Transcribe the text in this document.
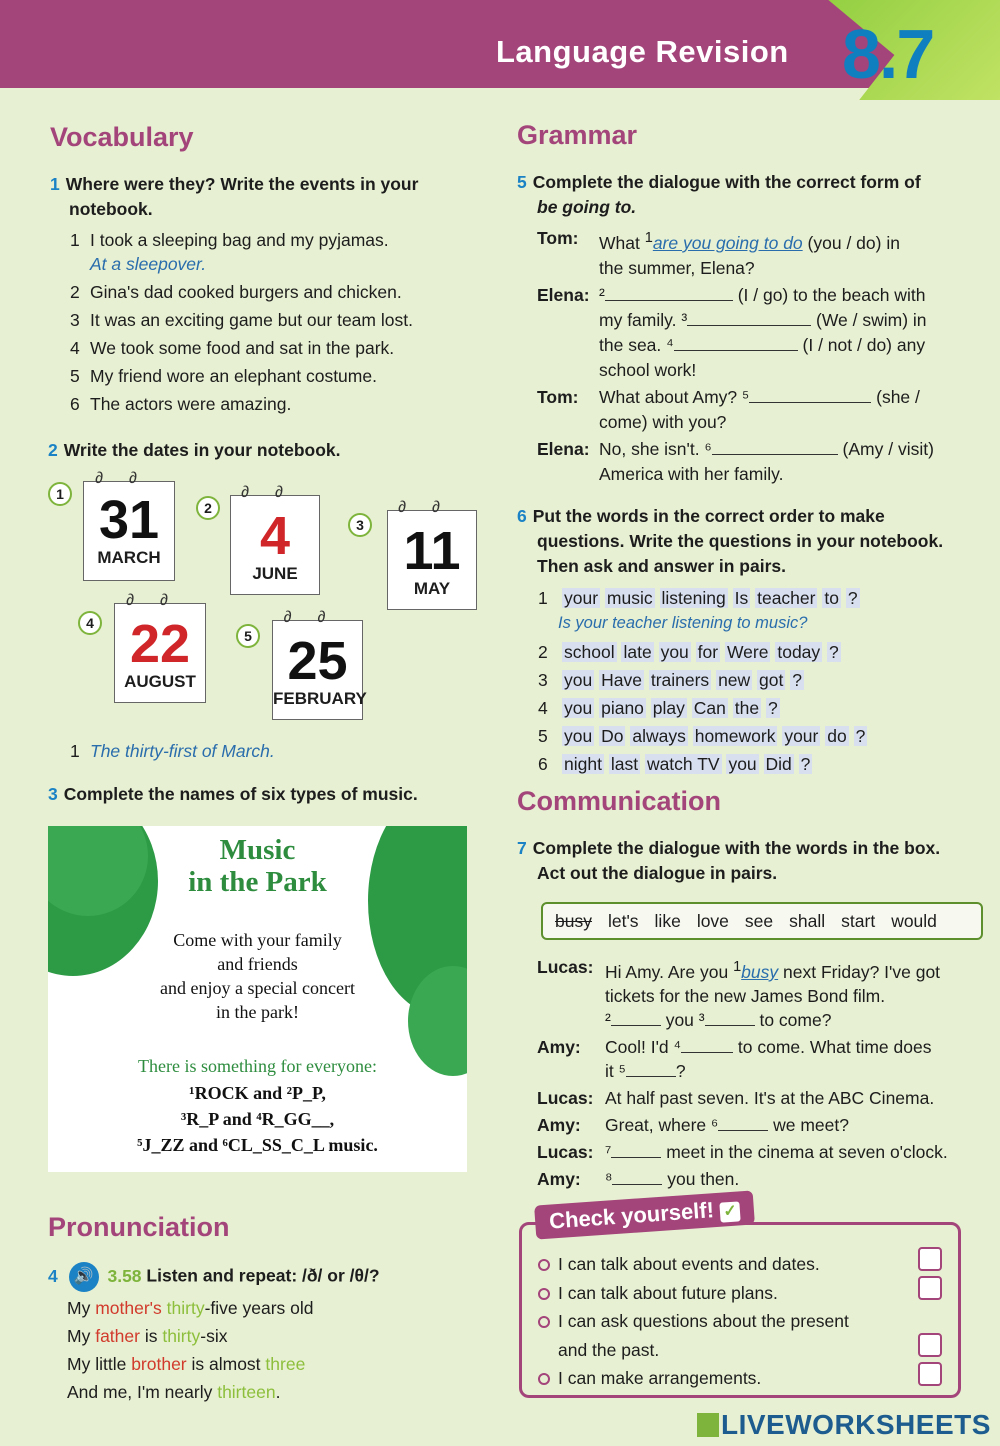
Language Revision 8.7
Vocabulary
1 Where were they? Write the events in your
notebook.
1 I took a sleeping bag and my pyjamas.
At a sleepover.
2 Gina's dad cooked burgers and chicken.
3 It was an exciting game but our team lost.
4 We took some food and sat in the park.
5 My friend wore an elephant costume.
6 The actors were amazing.
2 Write the dates in your notebook.
1
∂∂
31
MARCH
2
∂∂
4
JUNE
3
∂∂
11
MAY
4
∂∂
22
AUGUST
5
∂∂
25
FEBRUARY
1 The thirty-first of March.
3 Complete the names of six types of music.
Music
in the Park
Come with your family
and friends
and enjoy a special concert
in the park!
There is something for everyone:
¹ROCK and ²P_P,
³R_P and ⁴R_GG__,
⁵J_ZZ and ⁶CL_SS_C_L music.
Pronunciation
4 🔊 3.58 Listen and repeat: /ð/ or /θ/?
My mother's thirty-five years old
My father is thirty-six
My little brother is almost three
And me, I'm nearly thirteen.
Grammar
5 Complete the dialogue with the correct form of
be going to.
Tom: What $^1$are you going to do (you / do) in
the summer, Elena?
Elena: ²	(I / go) to the beach with
my family. ³	(We / swim) in
the sea. ⁴	(I / not / do) any
school work!
Tom: What about Amy? ⁵	(she /
come) with you?
Elena: No, she isn't. ⁶	(Amy / visit)
America with her family.
6 Put the words in the correct order to make
questions. Write the questions in your notebook.
Then ask and answer in pairs.
1 your music listening Is teacher to ?
Is your teacher listening to music?
2 school late you for Were today ?
3 you Have trainers new got ?
4 you piano play Can the ?
5 you Do always homework your do ?
6 night last watch TV you Did ?
Communication
7 Complete the dialogue with the words in the box.
Act out the dialogue in pairs.
busy let's like love see shall start would
Lucas: Hi Amy. Are you $^1$busy next Friday? I've got
tickets for the new James Bond film.
²	you ³	to come?
Amy: Cool! I'd ⁴	to come. What time does
it ⁵	?
Lucas: At half past seven. It's at the ABC Cinema.
Amy: Great, where ⁶	we meet?
Lucas: ⁷	meet in the cinema at seven o'clock.
Amy: ⁸	you then.
Check yourself! ✓
I can talk about events and dates.
I can talk about future plans.
I can ask questions about the present
and the past.
I can make arrangements.
LIVEWORKSHEETS
